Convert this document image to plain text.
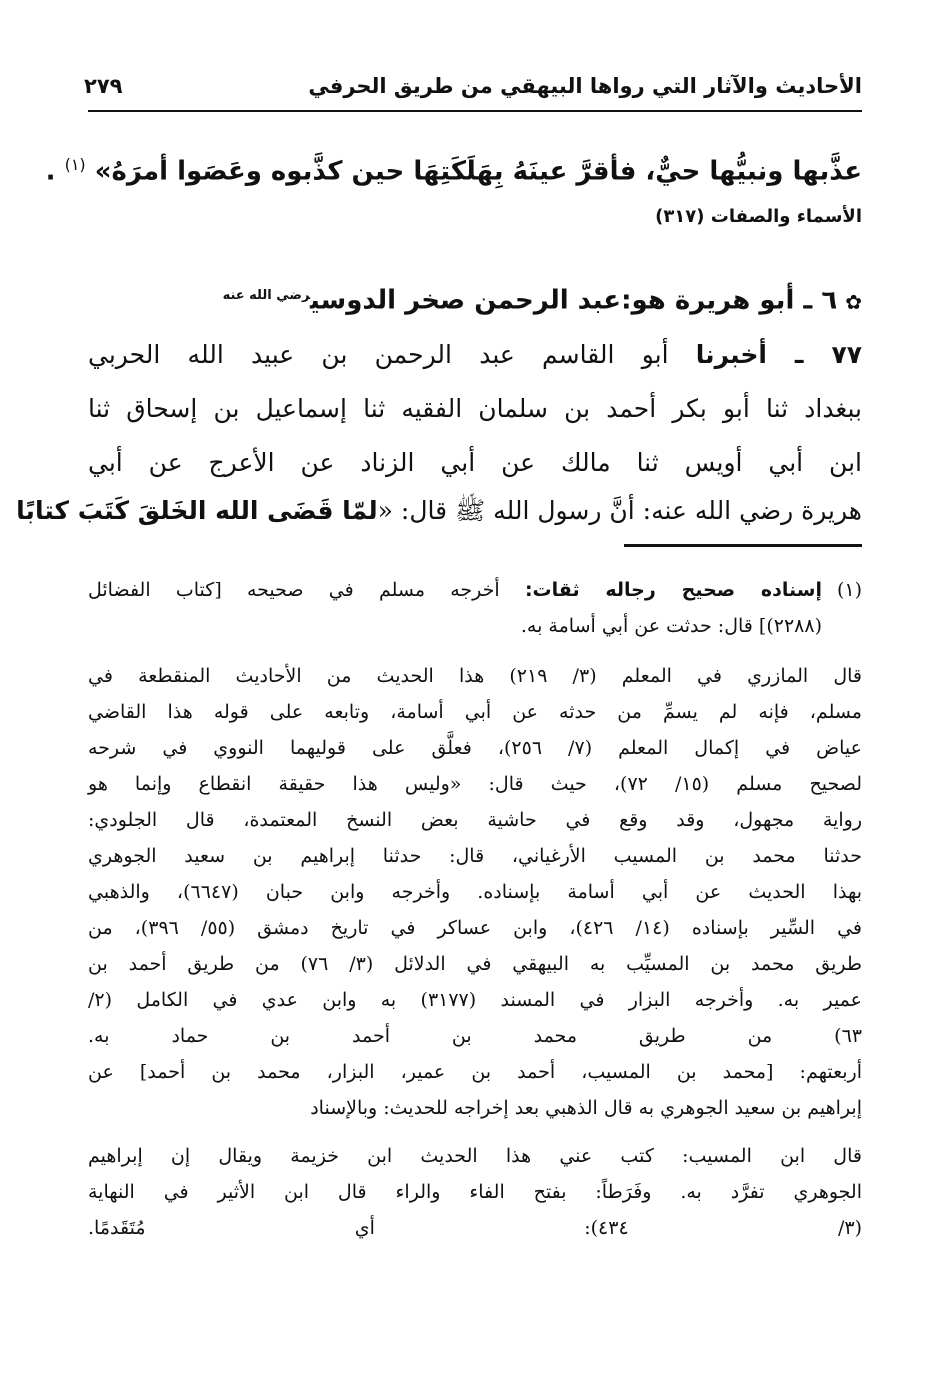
الأحاديث والآثار التي رواها البيهقي من طريق الحرفي
٢٧٩
عذَّبها ونبيُّها حيٌّ، فأقرَّ عينَهُ بِهَلَكَتِهَا حين كذَّبوه وعَصَوا أمرَهُ» $^{(١)}$ .
الأسماء والصفات (٣١٧)
✿٦ ـ أبو هريرة هو:عبد الرحمن صخر الدوسي$^{رضي الله عنه}$
٧٧ ـ أخبرنا أبو القاسم عبد الرحمن بن عبيد الله الحربي
ببغداد ثنا أبو بكر أحمد بن سلمان الفقيه ثنا إسماعيل بن إسحاق ثنا
ابن أبي أويس ثنا مالك عن أبي الزناد عن الأعرج عن أبي
هريرة رضي الله عنه: أنَّ رسول الله ﷺ قال: «لمّا قَضَى الله الخَلقَ كَتَبَ كتابًا
(١)
إسناده صحيح رجاله ثقات: أخرجه مسلم في صحيحه [كتاب الفضائل
(٢٢٨٨)] قال: حدثت عن أبي أسامة به.
قال المازري في المعلم (٣/ ٢١٩) هذا الحديث من الأحاديث المنقطعة في
مسلم، فإنه لم يسمِّ من حدثه عن أبي أسامة، وتابعه على قوله هذا القاضي
عياض في إكمال المعلم (٧/ ٢٥٦)، فعلَّق على قوليهما النووي في شرحه
لصحيح مسلم (١٥/ ٧٢)، حيث قال: «وليس هذا حقيقة انقطاع وإنما هو
رواية مجهول، وقد وقع في حاشية بعض النسخ المعتمدة، قال الجلودي:
حدثنا محمد بن المسيب الأرغياني، قال: حدثنا إبراهيم بن سعيد الجوهري
بهذا الحديث عن أبي أسامة بإسناده. وأخرجه وابن حبان (٦٦٤٧)، والذهبي
في السِّير بإسناده (١٤/ ٤٢٦)، وابن عساكر في تاريخ دمشق (٥٥/ ٣٩٦)، من
طريق محمد بن المسيِّب به البيهقي في الدلائل (٣/ ٧٦) من طريق أحمد بن
عمير به. وأخرجه البزار في المسند (٣١٧٧) به وابن عدي في الكامل (٢/
٦٣) من طريق محمد بن أحمد بن حماد به.
أربعتهم: [محمد بن المسيب، أحمد بن عمير، البزار، محمد بن أحمد] عن
إبراهيم بن سعيد الجوهري به قال الذهبي بعد إخراجه للحديث: وبالإسناد
قال ابن المسيب: كتب عني هذا الحديث ابن خزيمة ويقال إن إبراهيم
الجوهري تفرَّد به. وفَرَطاً: بفتح الفاء والراء قال ابن الأثير في النهاية
(٣/ ٤٣٤): أي مُتَقَدمًا.
